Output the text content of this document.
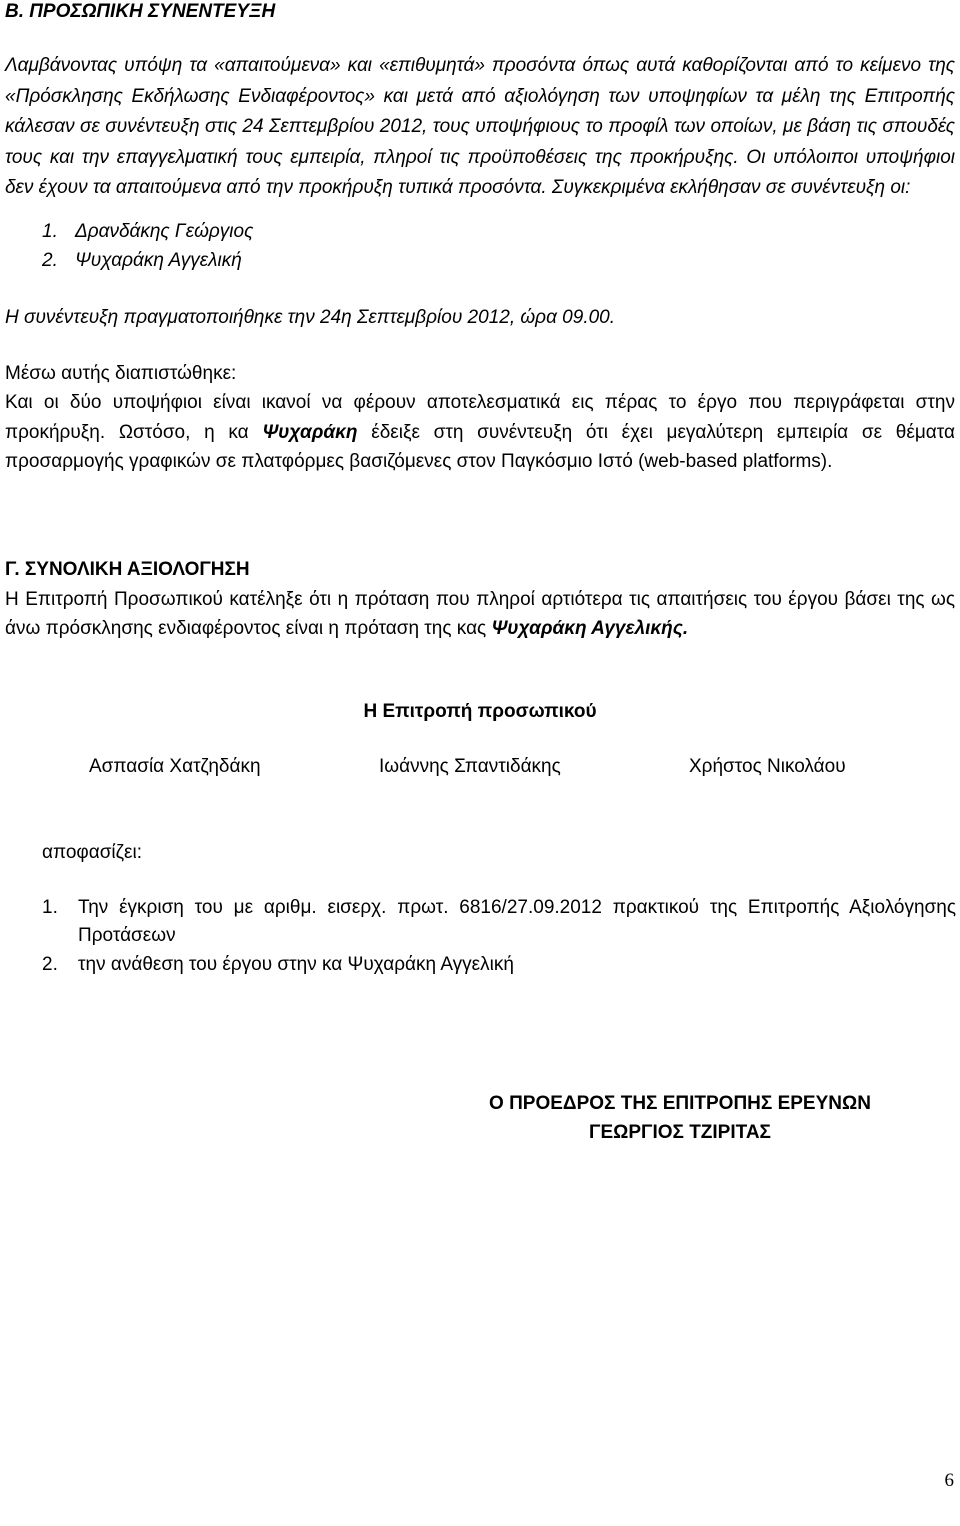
Β. ΠΡΟΣΩΠΙΚΗ ΣΥΝΕΝΤΕΥΞΗ
Λαμβάνοντας υπόψη τα «απαιτούμενα» και «επιθυμητά» προσόντα όπως αυτά καθορίζονται από το κείμενο της «Πρόσκλησης Εκδήλωσης Ενδιαφέροντος» και μετά από αξιολόγηση των υποψηφίων τα μέλη της Επιτροπής κάλεσαν σε συνέντευξη στις 24 Σεπτεμβρίου 2012, τους υποψήφιους το προφίλ των οποίων, με βάση τις σπουδές τους και την επαγγελματική τους εμπειρία, πληροί τις προϋποθέσεις της προκήρυξης. Οι υπόλοιποι υποψήφιοι δεν έχουν τα απαιτούμενα από την προκήρυξη τυπικά προσόντα. Συγκεκριμένα εκλήθησαν σε συνέντευξη οι:
1. Δρανδάκης Γεώργιος
2. Ψυχαράκη Αγγελική
Η συνέντευξη πραγματοποιήθηκε την 24η Σεπτεμβρίου 2012, ώρα 09.00.
Μέσω αυτής διαπιστώθηκε:
Και οι δύο υποψήφιοι είναι ικανοί να φέρουν αποτελεσματικά εις πέρας το έργο που περιγράφεται στην προκήρυξη. Ωστόσο, η κα Ψυχαράκη έδειξε στη συνέντευξη ότι έχει μεγαλύτερη εμπειρία σε θέματα προσαρμογής γραφικών σε πλατφόρμες βασιζόμενες στον Παγκόσμιο Ιστό (web-based platforms).
Γ. ΣΥΝΟΛΙΚΗ ΑΞΙΟΛΟΓΗΣΗ
Η Επιτροπή Προσωπικού κατέληξε ότι η πρόταση που πληροί αρτιότερα τις απαιτήσεις του έργου βάσει της ως άνω πρόσκλησης ενδιαφέροντος είναι η πρόταση της κας Ψυχαράκη Αγγελικής.
Η Επιτροπή προσωπικού
Ασπασία Χατζηδάκη	Ιωάννης Σπαντιδάκης	Χρήστος Νικολάου
αποφασίζει:
1.	Την έγκριση του με αριθμ. εισερχ. πρωτ. 6816/27.09.2012 πρακτικού της Επιτροπής Αξιολόγησης Προτάσεων
2.	την ανάθεση του έργου στην κα Ψυχαράκη Αγγελική
Ο ΠΡΟΕΔΡΟΣ ΤΗΣ ΕΠΙΤΡΟΠΗΣ ΕΡΕΥΝΩΝ
ΓΕΩΡΓΙΟΣ ΤΖΙΡΙΤΑΣ
6
